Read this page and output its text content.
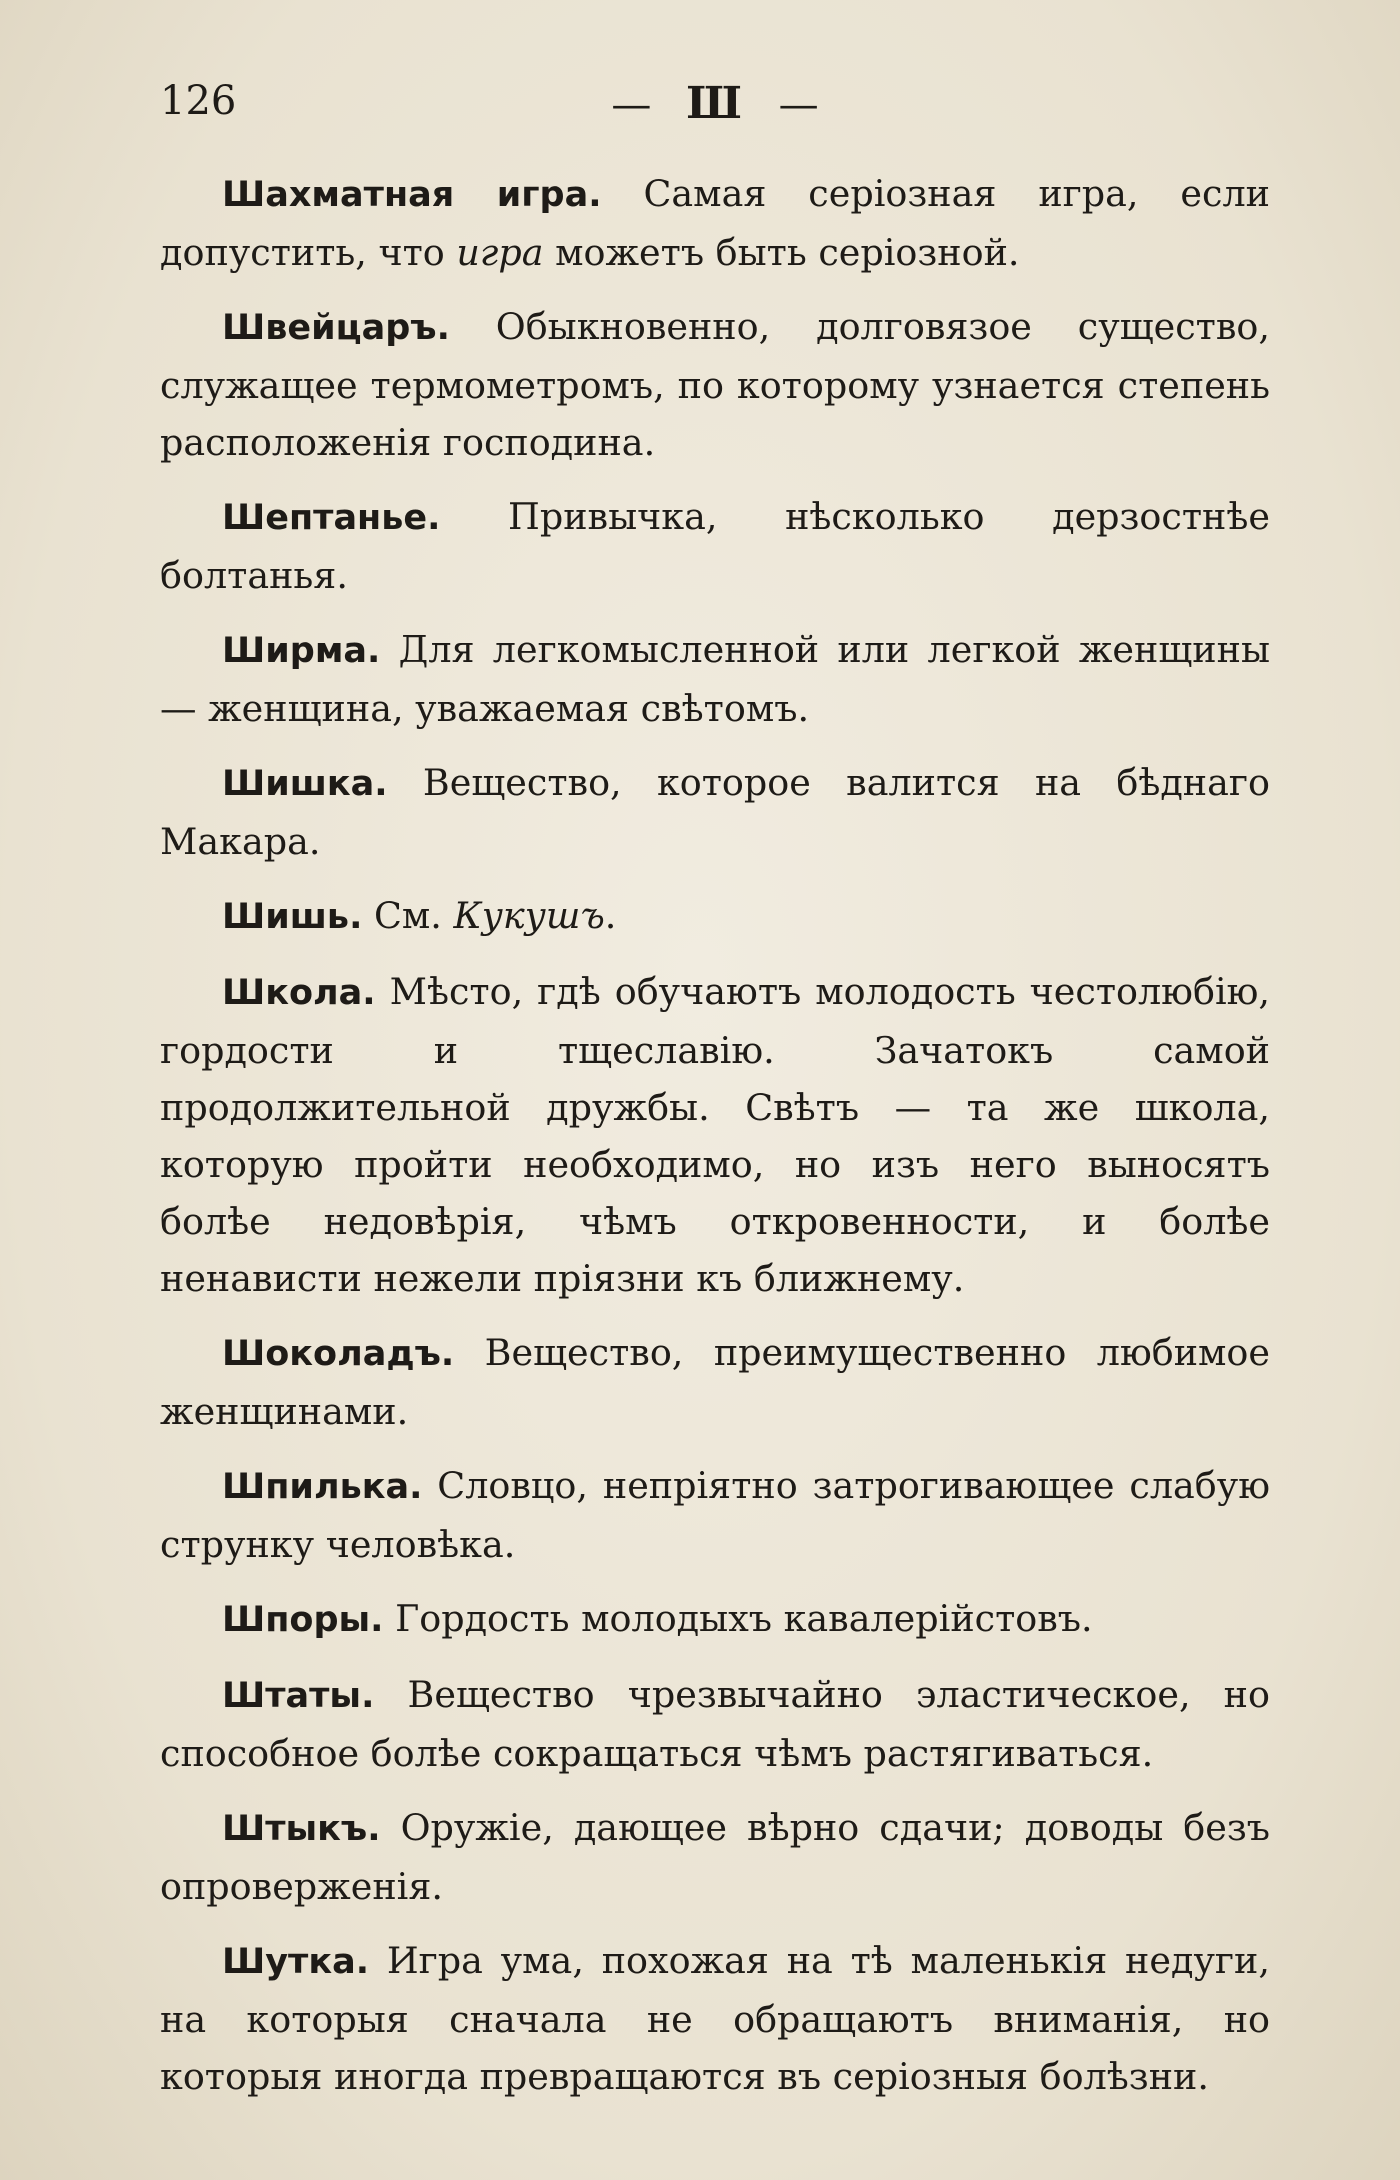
126	— Ш —

Шахматная игра. Самая серіозная игра, если допустить, что игра можетъ быть серіозной.

Швейцаръ. Обыкновенно, долговязое существо, служащее термометромъ, по которому узнается степень расположенія господина.

Шептанье. Привычка, нѣсколько дерзостнѣе болтанья.

Ширма. Для легкомысленной или легкой женщины — женщина, уважаемая свѣтомъ.

Шишка. Вещество, которое валится на бѣднаго Макара.

Шишь. См. Кукушъ.

Школа. Мѣсто, гдѣ обучаютъ молодость честолюбію, гордости и тщеславію. Зачатокъ самой продолжительной дружбы. Свѣтъ — та же школа, которую пройти необходимо, но изъ него выносятъ болѣе недовѣрія, чѣмъ откровенности, и болѣе ненависти нежели пріязни къ ближнему.

Шоколадъ. Вещество, преимущественно любимое женщинами.

Шпилька. Словцо, непріятно затрогивающее слабую струнку человѣка.

Шпоры. Гордость молодыхъ кавалерійстовъ.

Штаты. Вещество чрезвычайно эластическое, но способное болѣе сокращаться чѣмъ растягиваться.

Штыкъ. Оружіе, дающее вѣрно сдачи; доводы безъ опроверженія.

Шутка. Игра ума, похожая на тѣ маленькія недуги, на которыя сначала не обращаютъ вниманія, но которыя иногда превращаются въ серіозныя болѣзни.
